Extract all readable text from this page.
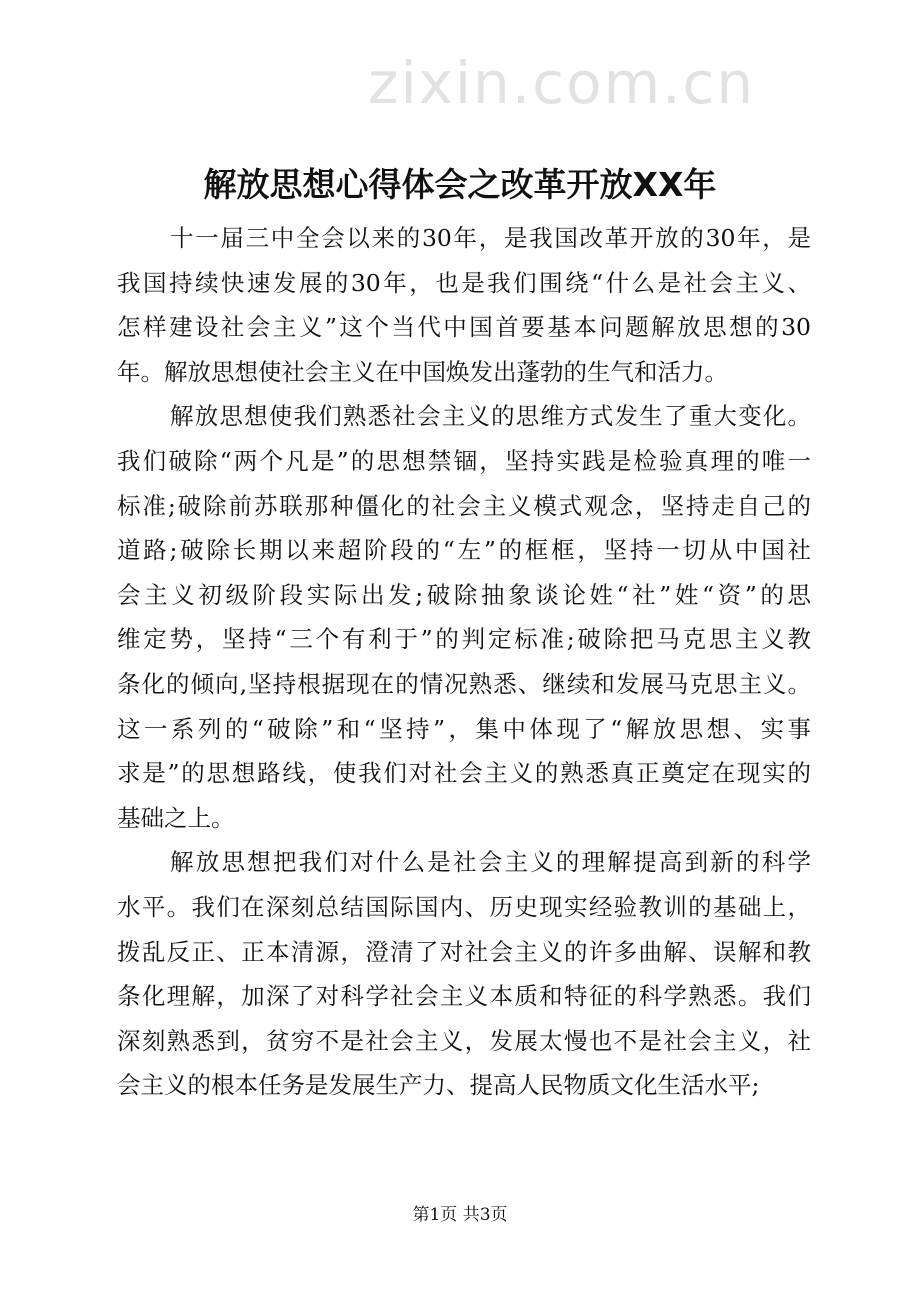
zixin.com.cn
解放思想心得体会之改革开放XX年
十一届三中全会以来的30年，是我国改革开放的30年，是
我国持续快速发展的30年，也是我们围绕“什么是社会主义、
怎样建设社会主义”这个当代中国首要基本问题解放思想的30
年。解放思想使社会主义在中国焕发出蓬勃的生气和活力。
解放思想使我们熟悉社会主义的思维方式发生了重大变化。
我们破除“两个凡是”的思想禁锢，坚持实践是检验真理的唯一
标准;破除前苏联那种僵化的社会主义模式观念，坚持走自己的
道路;破除长期以来超阶段的“左”的框框，坚持一切从中国社
会主义初级阶段实际出发;破除抽象谈论姓“社”姓“资”的思
维定势，坚持“三个有利于”的判定标准;破除把马克思主义教
条化的倾向,坚持根据现在的情况熟悉、继续和发展马克思主义。
这一系列的“破除”和“坚持”，集中体现了“解放思想、实事
求是”的思想路线，使我们对社会主义的熟悉真正奠定在现实的
基础之上。
解放思想把我们对什么是社会主义的理解提高到新的科学
水平。我们在深刻总结国际国内、历史现实经验教训的基础上，
拨乱反正、正本清源，澄清了对社会主义的许多曲解、误解和教
条化理解，加深了对科学社会主义本质和特征的科学熟悉。我们
深刻熟悉到，贫穷不是社会主义，发展太慢也不是社会主义，社
会主义的根本任务是发展生产力、提高人民物质文化生活水平;
第1页 共3页
